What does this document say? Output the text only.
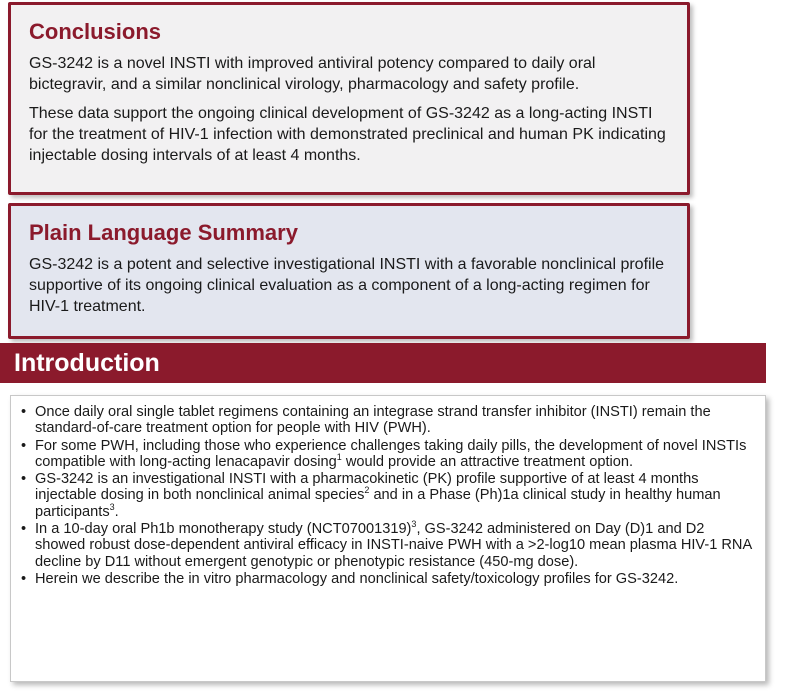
Conclusions

GS-3242 is a novel INSTI with improved antiviral potency compared to daily oral bictegravir, and a similar nonclinical virology, pharmacology and safety profile.

These data support the ongoing clinical development of GS-3242 as a long-acting INSTI for the treatment of HIV-1 infection with demonstrated preclinical and human PK indicating injectable dosing intervals of at least 4 months.

Plain Language Summary

GS-3242 is a potent and selective investigational INSTI with a favorable nonclinical profile supportive of its ongoing clinical evaluation as a component of a long-acting regimen for HIV-1 treatment.

Introduction
• Once daily oral single tablet regimens containing an integrase strand transfer inhibitor (INSTI) remain the standard-of-care treatment option for people with HIV (PWH).
• For some PWH, including those who experience challenges taking daily pills, the development of novel INSTIs compatible with long-acting lenacapavir dosing$^1$ would provide an attractive treatment option.
• GS-3242 is an investigational INSTI with a pharmacokinetic (PK) profile supportive of at least 4 months injectable dosing in both nonclinical animal species$^2$ and in a Phase (Ph)1a clinical study in healthy human participants$^3$.
• In a 10-day oral Ph1b monotherapy study $(NCT07001319)^3$, GS-3242 administered on Day (D)1 and D2 showed robust dose-dependent antiviral efficacy in INSTI-naive PWH with a >2-log10 mean plasma HIV-1 RNA decline by D11 without emergent genotypic or phenotypic resistance (450-mg dose).
• Herein we describe the in vitro pharmacology and nonclinical safety/toxicology profiles for GS-3242.
